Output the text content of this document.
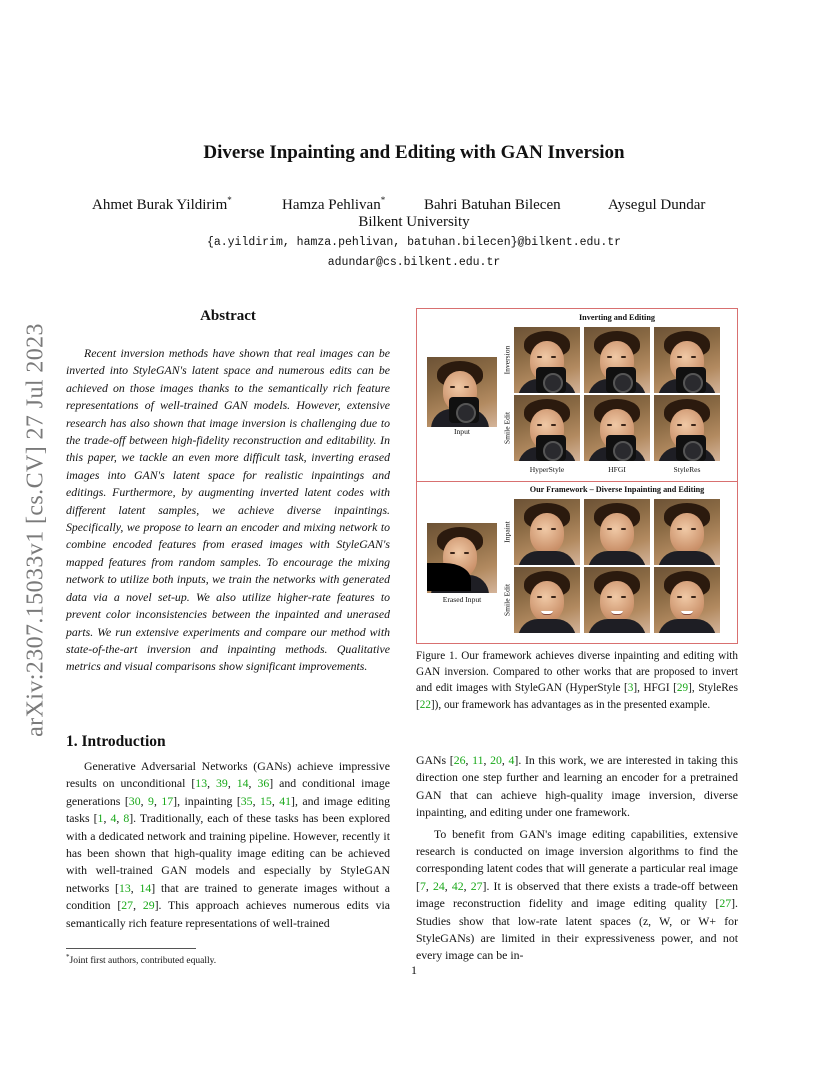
arXiv:2307.15033v1 [cs.CV] 27 Jul 2023
Diverse Inpainting and Editing with GAN Inversion
Ahmet Burak Yildirim*	Hamza Pehlivan*	Bahri Batuhan Bilecen	Aysegul Dundar
Bilkent University
{a.yildirim, hamza.pehlivan, batuhan.bilecen}@bilkent.edu.tr
adundar@cs.bilkent.edu.tr
Abstract

Recent inversion methods have shown that real images can be inverted into StyleGAN's latent space and numerous edits can be achieved on those images thanks to the semantically rich feature representations of well-trained GAN models. However, extensive research has also shown that image inversion is challenging due to the trade-off between high-fidelity reconstruction and editability. In this paper, we tackle an even more difficult task, inverting erased images into GAN's latent space for realistic inpaintings and editings. Furthermore, by augmenting inverted latent codes with different latent samples, we achieve diverse inpaintings. Specifically, we propose to learn an encoder and mixing network to combine encoded features from erased images with StyleGAN's mapped features from random samples. To encourage the mixing network to utilize both inputs, we train the networks with generated data via a novel set-up. We also utilize higher-rate features to prevent color inconsistencies between the inpainted and unerased parts. We run extensive experiments and compare our method with state-of-the-art inversion and inpainting methods. Qualitative metrics and visual comparisons show significant improvements.

1. Introduction

Generative Adversarial Networks (GANs) achieve impressive results on unconditional [13, 39, 14, 36] and conditional image generations [30, 9, 17], inpainting [35, 15, 41], and image editing tasks [1, 4, 8]. Traditionally, each of these tasks has been explored with a dedicated network and training pipeline. However, recently it has been shown that high-quality image editing can be achieved with well-trained GAN models and especially by StyleGAN networks [13, 14] that are trained to generate images without a condition [27, 29]. This approach achieves numerous edits via semantically rich feature representations of well-trained

GANs [26, 11, 20, 4]. In this work, we are interested in taking this direction one step further and learning an encoder for a pretrained GAN that can achieve high-quality image inversion, diverse inpainting, and editing under one framework.

To benefit from GAN's image editing capabilities, extensive research is conducted on image inversion algorithms to find the corresponding latent codes that will generate a particular real image [7, 24, 42, 27]. It is observed that there exists a trade-off between image reconstruction fidelity and image editing quality [27]. Studies show that low-rate latent spaces (z, W, or W+ for StyleGANs) are limited in their expressiveness power, and not every image can be in-

*Joint first authors, contributed equally.
1
Inverting and Editing
Input
Inversion
Smile Edit
HyperStyle	HFGI	StyleRes
Our Framework – Diverse Inpainting and Editing
Erased Input
Inpaint
Smile Edit
Figure 1. Our framework achieves diverse inpainting and editing with GAN inversion. Compared to other works that are proposed to invert and edit images with StyleGAN (HyperStyle [3], HFGI [29], StyleRes [22]), our framework has advantages as in the presented example.
